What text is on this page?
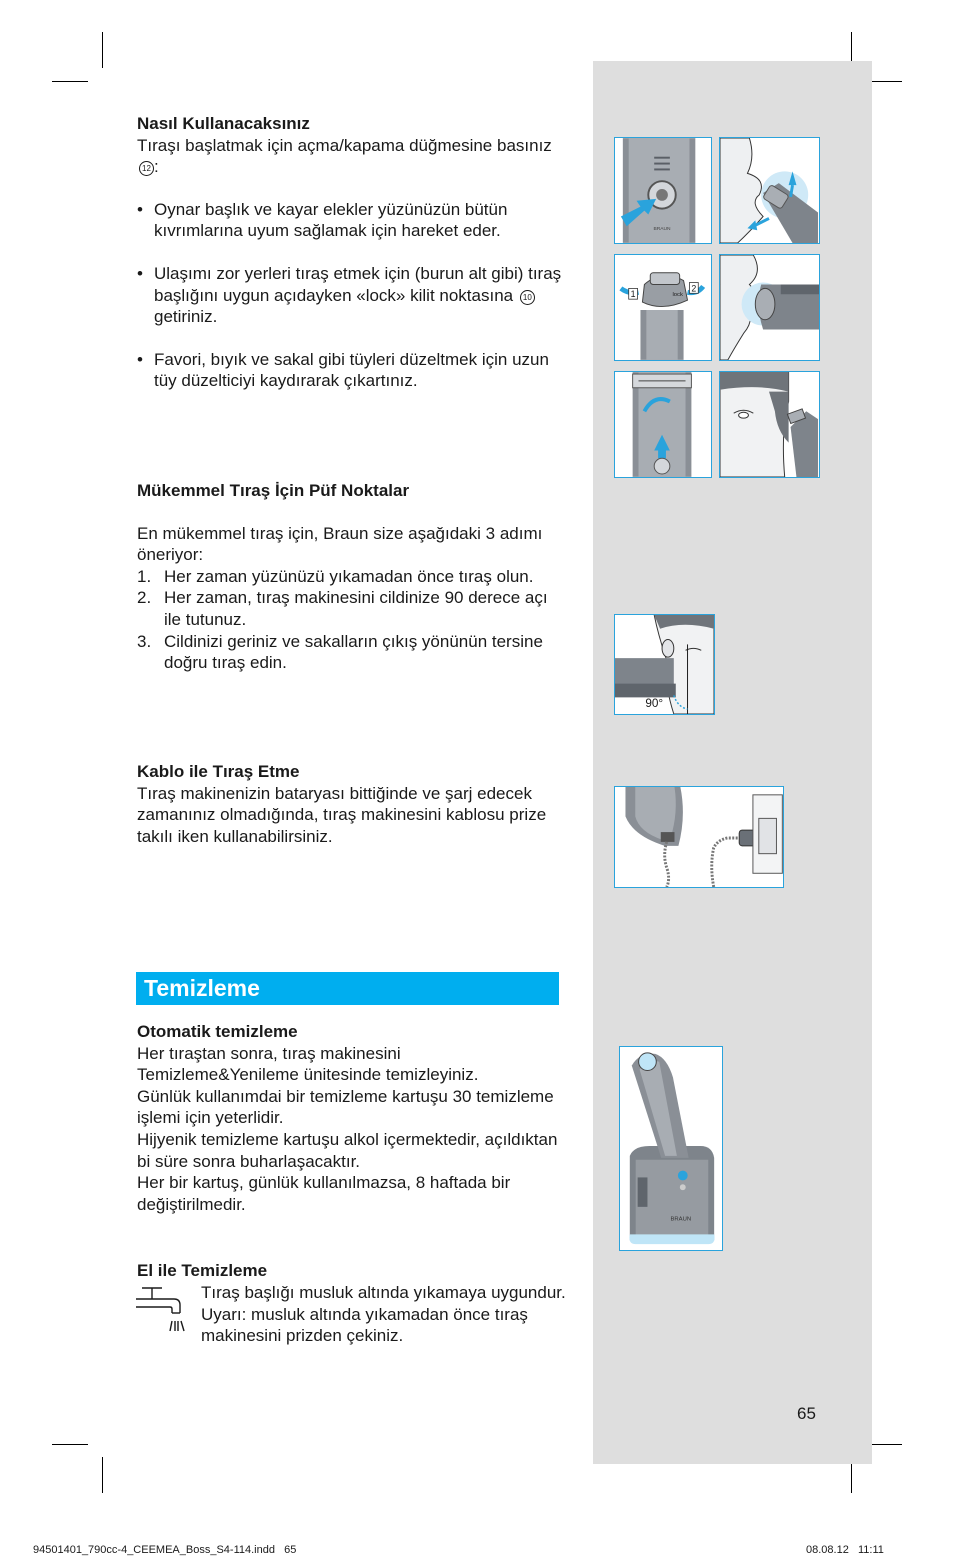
Nasıl Kullanacaksınız

Tıraşı başlatmak için açma/kapama düğmesine basınız 12 :

• Oynar başlık ve kayar elekler yüzünüzün bütün kıvrımlarına uyum sağlamak için hareket eder.

• Ulaşımı zor yerleri tıraş etmek için (burun alt gibi) tıraş başlığını uygun açıdayken «lock» kilit noktasına 10 getiriniz.

• Favori, bıyık ve sakal gibi tüyleri düzeltmek için uzun tüy düzelticiyi kaydırarak çıkartınız.

Mükemmel Tıraş İçin Püf Noktalar

En mükemmel tıraş için, Braun size aşağıdaki 3 adımı öneriyor:

1. Her zaman yüzünüzü yıkamadan önce tıraş olun.

2. Her zaman, tıraş makinesini cildinize 90 derece açı ile tutunuz.

3. Cildinizi geriniz ve sakalların çıkış yönünün tersine doğru tıraş edin.

Kablo ile Tıraş Etme

Tıraş makinenizin bataryası bittiğinde ve şarj edecek zamanınız olmadığında, tıraş makinesini kablosu prize takılı iken kullanabilirsiniz.

Temizleme

Otomatik temizleme

Her tıraştan sonra, tıraş makinesini Temizleme&Yenileme ünitesinde temizleyiniz.

Günlük kullanımdai bir temizleme kartuşu 30 temizleme işlemi için yeterlidir.

Hijyenik temizleme kartuşu alkol içermektedir, açıldıktan bi süre sonra buharlaşacaktır.

Her bir kartuş, günlük kullanılmazsa, 8 haftada bir değiştirilmedir.

El ile Temizleme

Tıraş başlığı musluk altında yıkamaya uygundur.

Uyarı: musluk altında yıkamadan önce tıraş makinesini prizden çekiniz.

BRAUN
1
2
lock
90°
BRAUN
65
94501401_790cc-4_CEEMEA_Boss_S4-114.indd   65	08.08.12   11:11
